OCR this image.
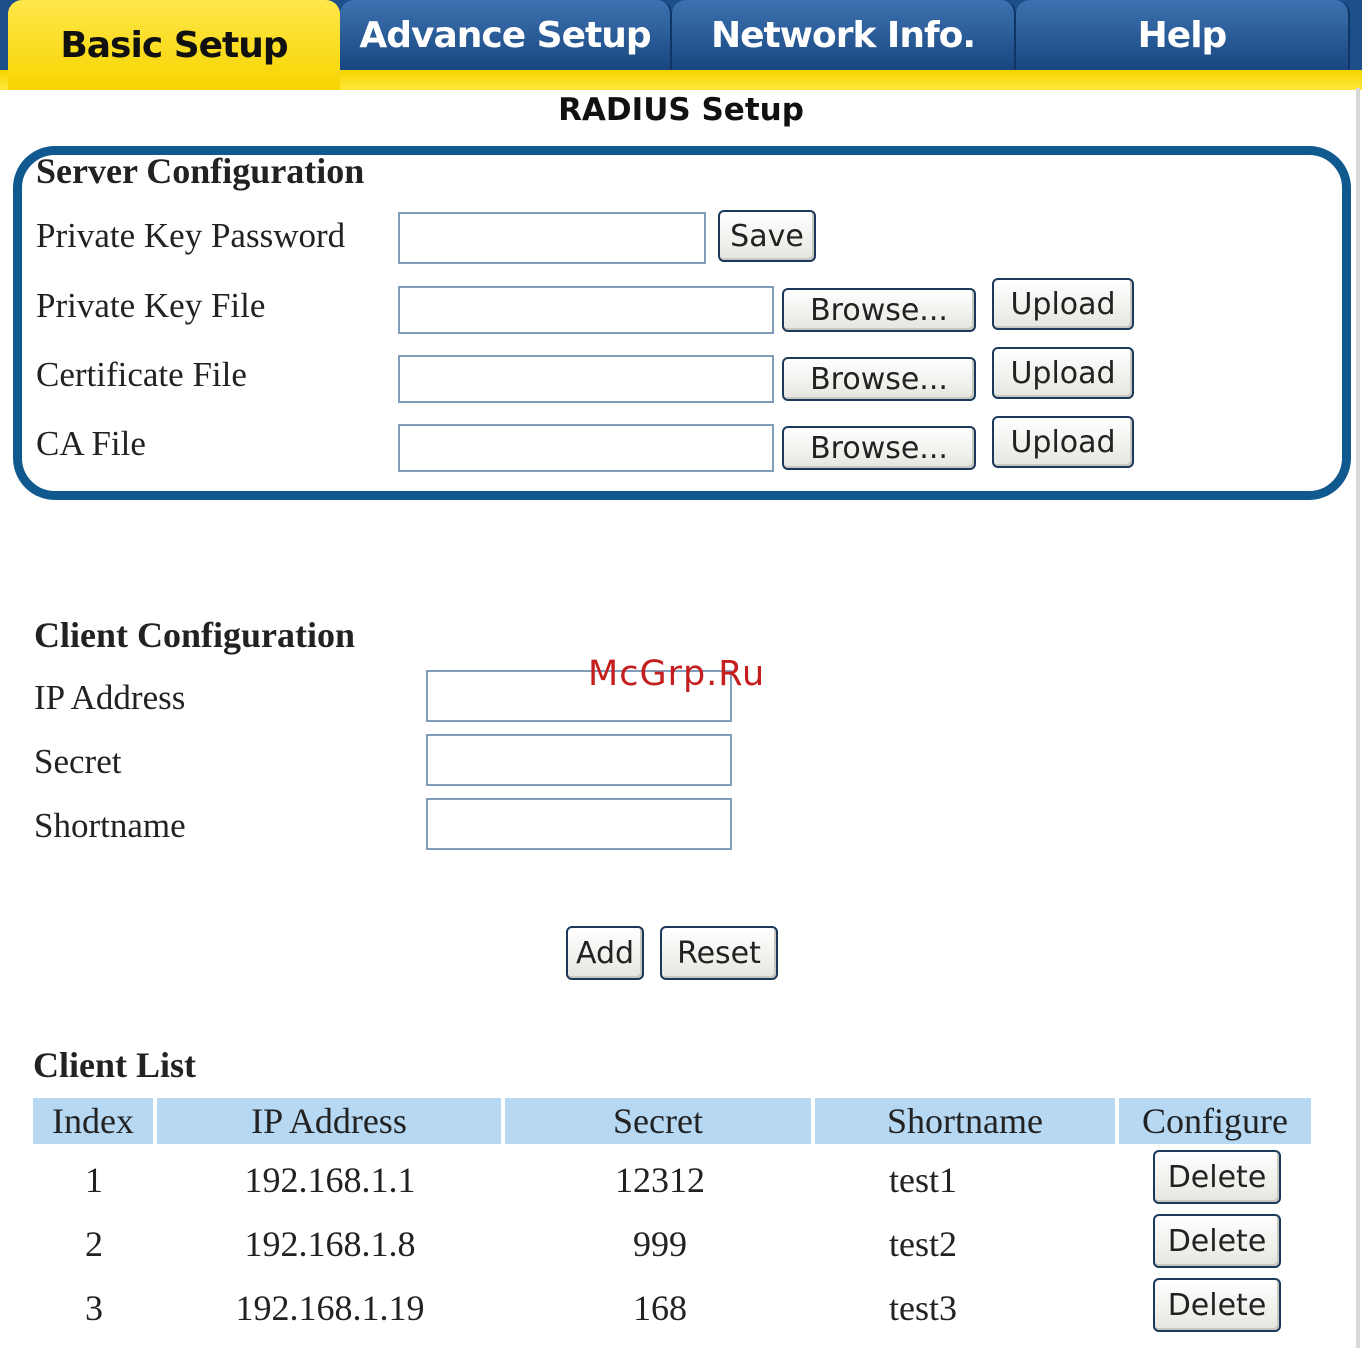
Basic Setup	Advance Setup	Network Info.	Help
RADIUS Setup
Server Configuration
Private Key Password	Save
Private Key File	Browse...	Upload
Certificate File	Browse...	Upload
CA File	Browse...	Upload
Client Configuration
IP Address
Secret
Shortname
McGrp.Ru
Add	Reset
Client List
Index	IP Address	Secret	Shortname	Configure
1	192.168.1.1	12312	test1	Delete
2	192.168.1.8	999	test2	Delete
3	192.168.1.19	168	test3	Delete
